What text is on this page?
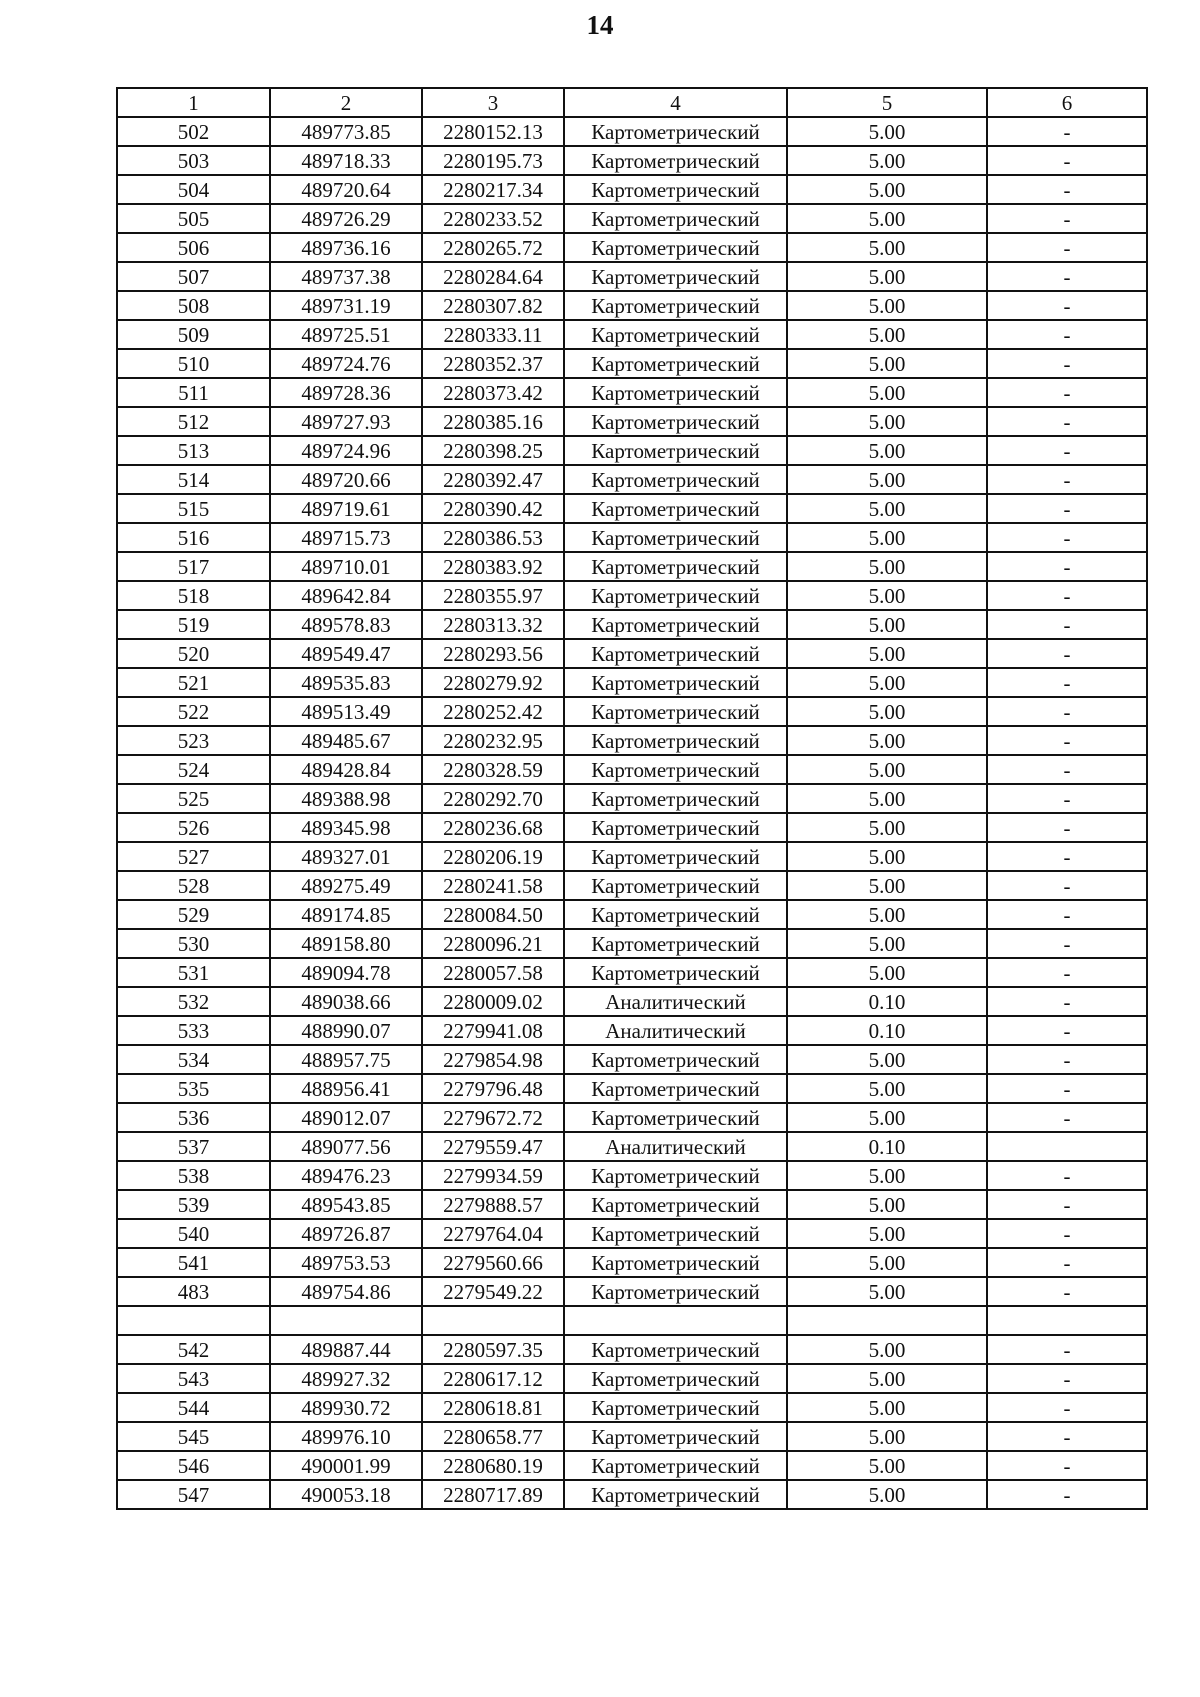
14
1	2	3	4	5	6
502	489773.85	2280152.13	Картометрический	5.00	-
503	489718.33	2280195.73	Картометрический	5.00	-
504	489720.64	2280217.34	Картометрический	5.00	-
505	489726.29	2280233.52	Картометрический	5.00	-
506	489736.16	2280265.72	Картометрический	5.00	-
507	489737.38	2280284.64	Картометрический	5.00	-
508	489731.19	2280307.82	Картометрический	5.00	-
509	489725.51	2280333.11	Картометрический	5.00	-
510	489724.76	2280352.37	Картометрический	5.00	-
511	489728.36	2280373.42	Картометрический	5.00	-
512	489727.93	2280385.16	Картометрический	5.00	-
513	489724.96	2280398.25	Картометрический	5.00	-
514	489720.66	2280392.47	Картометрический	5.00	-
515	489719.61	2280390.42	Картометрический	5.00	-
516	489715.73	2280386.53	Картометрический	5.00	-
517	489710.01	2280383.92	Картометрический	5.00	-
518	489642.84	2280355.97	Картометрический	5.00	-
519	489578.83	2280313.32	Картометрический	5.00	-
520	489549.47	2280293.56	Картометрический	5.00	-
521	489535.83	2280279.92	Картометрический	5.00	-
522	489513.49	2280252.42	Картометрический	5.00	-
523	489485.67	2280232.95	Картометрический	5.00	-
524	489428.84	2280328.59	Картометрический	5.00	-
525	489388.98	2280292.70	Картометрический	5.00	-
526	489345.98	2280236.68	Картометрический	5.00	-
527	489327.01	2280206.19	Картометрический	5.00	-
528	489275.49	2280241.58	Картометрический	5.00	-
529	489174.85	2280084.50	Картометрический	5.00	-
530	489158.80	2280096.21	Картометрический	5.00	-
531	489094.78	2280057.58	Картометрический	5.00	-
532	489038.66	2280009.02	Аналитический	0.10	-
533	488990.07	2279941.08	Аналитический	0.10	-
534	488957.75	2279854.98	Картометрический	5.00	-
535	488956.41	2279796.48	Картометрический	5.00	-
536	489012.07	2279672.72	Картометрический	5.00	-
537	489077.56	2279559.47	Аналитический	0.10	
538	489476.23	2279934.59	Картометрический	5.00	-
539	489543.85	2279888.57	Картометрический	5.00	-
540	489726.87	2279764.04	Картометрический	5.00	-
541	489753.53	2279560.66	Картометрический	5.00	-
483	489754.86	2279549.22	Картометрический	5.00	-

542	489887.44	2280597.35	Картометрический	5.00	-
543	489927.32	2280617.12	Картометрический	5.00	-
544	489930.72	2280618.81	Картометрический	5.00	-
545	489976.10	2280658.77	Картометрический	5.00	-
546	490001.99	2280680.19	Картометрический	5.00	-
547	490053.18	2280717.89	Картометрический	5.00	-
